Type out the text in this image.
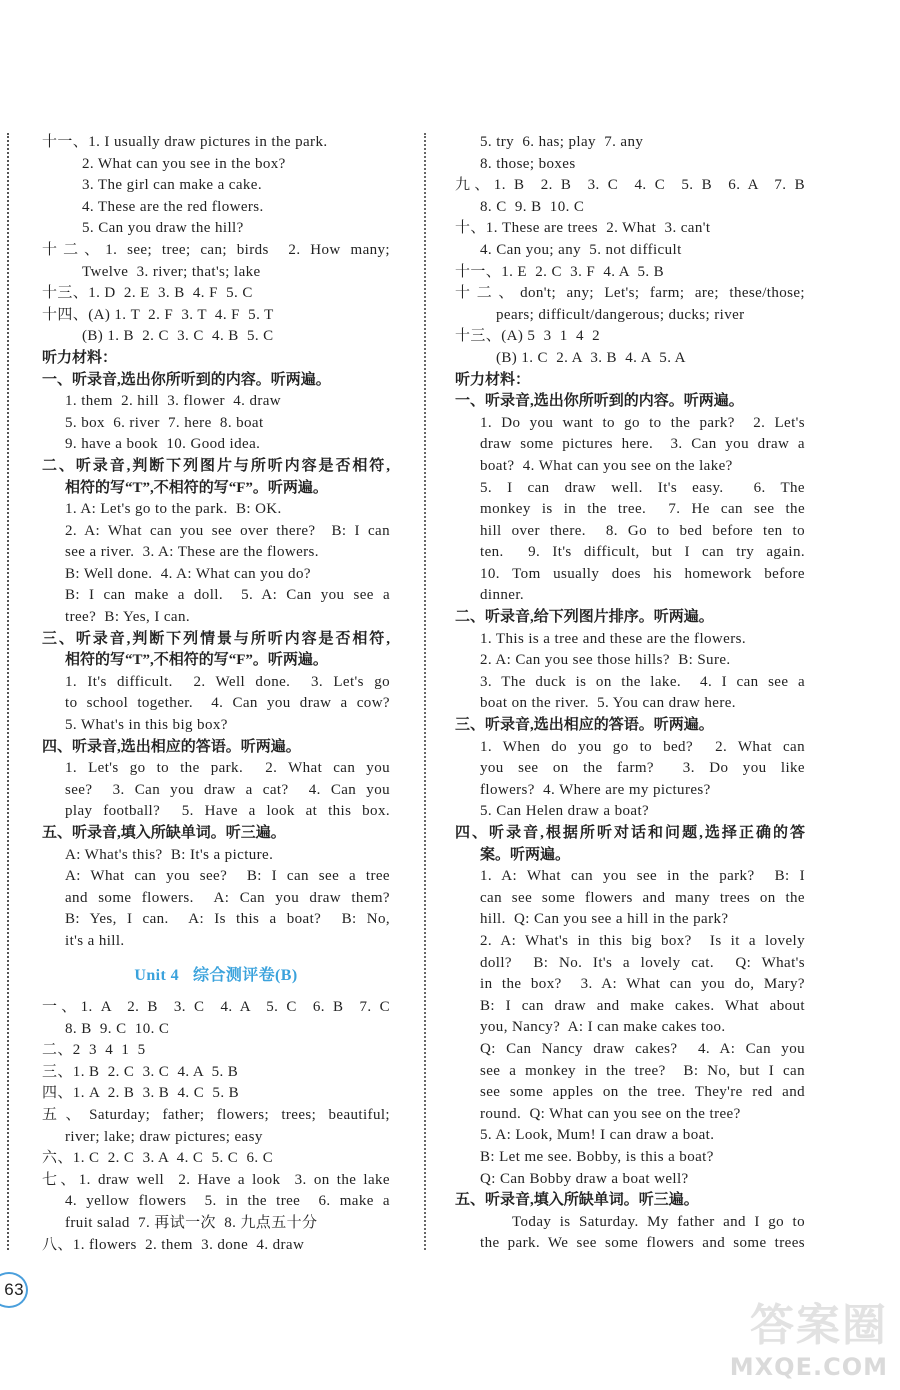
十一、1. I usually draw pictures in the park.
2. What can you see in the box?
3. The girl can make a cake.
4. These are the red flowers.
5. Can you draw the hill?
十二、1. see; tree; can; birds  2. How many;
Twelve  3. river; that's; lake
十三、1. D  2. E  3. B  4. F  5. C
十四、(A) 1. T  2. F  3. T  4. F  5. T
(B) 1. B  2. C  3. C  4. B  5. C
听力材料：
一、听录音,选出你所听到的内容。听两遍。
1. them  2. hill  3. flower  4. draw
5. box  6. river  7. here  8. boat
9. have a book  10. Good idea.
二、听录音,判断下列图片与所听内容是否相符,
相符的写“T”,不相符的写“F”。听两遍。
1. A: Let's go to the park.  B: OK.
2. A: What can you see over there?  B: I can
see a river.  3. A: These are the flowers.
B: Well done.  4. A: What can you do?
B: I can make a doll.  5. A: Can you see a
tree?  B: Yes, I can.
三、听录音,判断下列情景与所听内容是否相符,
相符的写“T”,不相符的写“F”。听两遍。
1. It's difficult.  2. Well done.  3. Let's go
to school together.  4. Can you draw a cow?
5. What's in this big box?
四、听录音,选出相应的答语。听两遍。
1. Let's go to the park.  2. What can you
see?  3. Can you draw a cat?  4. Can you
play football?  5. Have a look at this box.
五、听录音,填入所缺单词。听三遍。
A: What's this?  B: It's a picture.
A: What can you see?  B: I can see a tree
and some flowers.  A: Can you draw them?
B: Yes, I can.  A: Is this a boat?  B: No,
it's a hill.
Unit 4 综合测评卷(B)
一、1. A  2. B  3. C  4. A  5. C  6. B  7. C
8. B  9. C  10. C
二、2  3  4  1  5
三、1. B  2. C  3. C  4. A  5. B
四、1. A  2. B  3. B  4. C  5. B
五、Saturday; father; flowers; trees; beautiful;
river; lake; draw pictures; easy
六、1. C  2. C  3. A  4. C  5. C  6. C
七、1. draw well  2. Have a look  3. on the lake
4. yellow flowers  5. in the tree  6. make a
fruit salad  7. 再试一次  8. 九点五十分
八、1. flowers  2. them  3. done  4. draw
5. try  6. has; play  7. any
8. those; boxes
九、1. B  2. B  3. C  4. C  5. B  6. A  7. B
8. C  9. B  10. C
十、1. These are trees  2. What  3. can't
4. Can you; any  5. not difficult
十一、1. E  2. C  3. F  4. A  5. B
十二、don't; any; Let's; farm; are; these/those;
pears; difficult/dangerous; ducks; river
十三、(A) 5  3  1  4  2
(B) 1. C  2. A  3. B  4. A  5. A
听力材料：
一、听录音,选出你所听到的内容。听两遍。
1. Do you want to go to the park?  2. Let's
draw some pictures here.  3. Can you draw a
boat?  4. What can you see on the lake?
5. I can draw well. It's easy.  6. The
monkey is in the tree.  7. He can see the
hill over there.  8. Go to bed before ten to
ten.  9. It's difficult, but I can try again.
10. Tom usually does his homework before
dinner.
二、听录音,给下列图片排序。听两遍。
1. This is a tree and these are the flowers.
2. A: Can you see those hills?  B: Sure.
3. The duck is on the lake.  4. I can see a
boat on the river.  5. You can draw here.
三、听录音,选出相应的答语。听两遍。
1. When do you go to bed?  2. What can
you see on the farm?  3. Do you like
flowers?  4. Where are my pictures?
5. Can Helen draw a boat?
四、听录音,根据所听对话和问题,选择正确的答
案。听两遍。
1. A: What can you see in the park?  B: I
can see some flowers and many trees on the
hill.  Q: Can you see a hill in the park?
2. A: What's in this big box?  Is it a lovely
doll?  B: No. It's a lovely cat.  Q: What's
in the box?  3. A: What can you do, Mary?
B: I can draw and make cakes. What about
you, Nancy?  A: I can make cakes too.
Q: Can Nancy draw cakes?  4. A: Can you
see a monkey in the tree?  B: No, but I can
see some apples on the tree. They're red and
round.  Q: What can you see on the tree?
5. A: Look, Mum! I can draw a boat.
B: Let me see. Bobby, is this a boat?
Q: Can Bobby draw a boat well?
五、听录音,填入所缺单词。听三遍。
Today is Saturday. My father and I go to
the park. We see some flowers and some trees
63
答案圈
MXQE.COM
